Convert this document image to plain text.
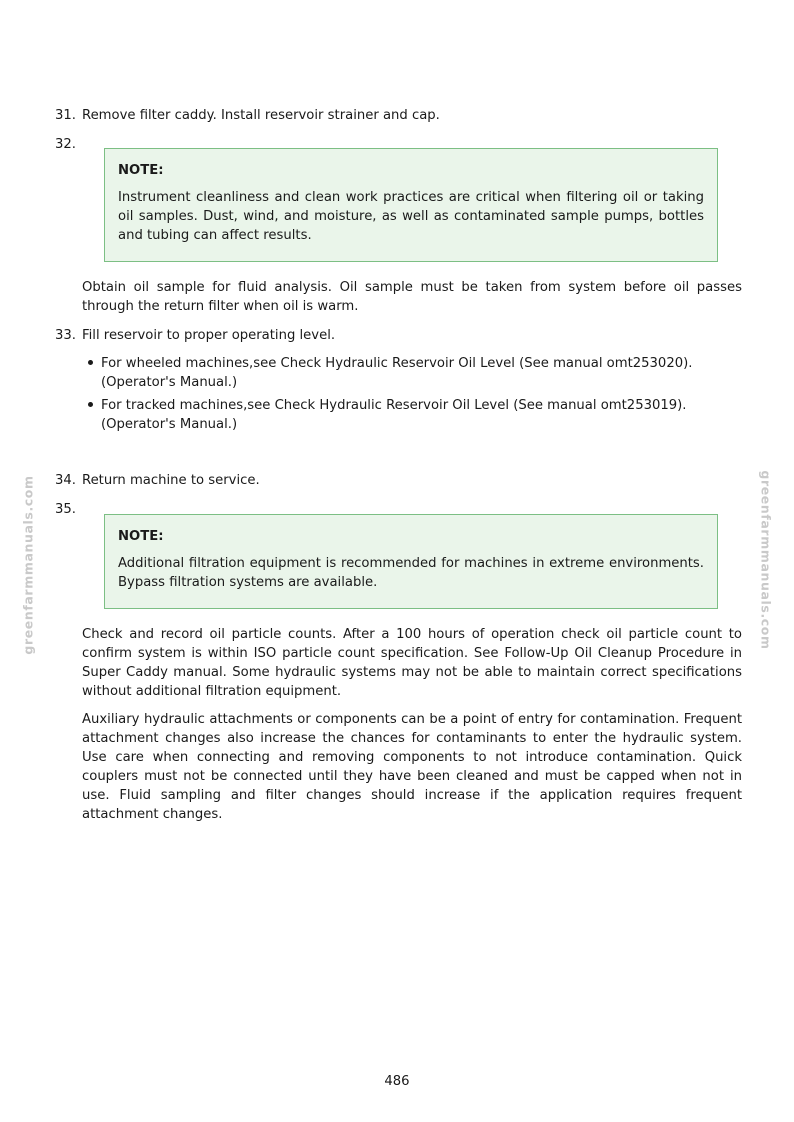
greenfarmmanuals.com	greenfarmmanuals.com
31. Remove filter caddy. Install reservoir strainer and cap.
32.
NOTE:
Instrument cleanliness and clean work practices are critical when filtering oil or taking oil samples. Dust, wind, and moisture, as well as contaminated sample pumps, bottles and tubing can affect results.
Obtain oil sample for fluid analysis. Oil sample must be taken from system before oil passes through the return filter when oil is warm.
33. Fill reservoir to proper operating level.
For wheeled machines,see Check Hydraulic Reservoir Oil Level (See manual omt253020). (Operator's Manual.)
For tracked machines,see Check Hydraulic Reservoir Oil Level (See manual omt253019). (Operator's Manual.)
34. Return machine to service.
35.
NOTE:
Additional filtration equipment is recommended for machines in extreme environments. Bypass filtration systems are available.
Check and record oil particle counts. After a 100 hours of operation check oil particle count to confirm system is within ISO particle count specification. See Follow-Up Oil Cleanup Procedure in Super Caddy manual. Some hydraulic systems may not be able to maintain correct specifications without additional filtration equipment.
Auxiliary hydraulic attachments or components can be a point of entry for contamination. Frequent attachment changes also increase the chances for contaminants to enter the hydraulic system. Use care when connecting and removing components to not introduce contamination. Quick couplers must not be connected until they have been cleaned and must be capped when not in use. Fluid sampling and filter changes should increase if the application requires frequent attachment changes.
486
